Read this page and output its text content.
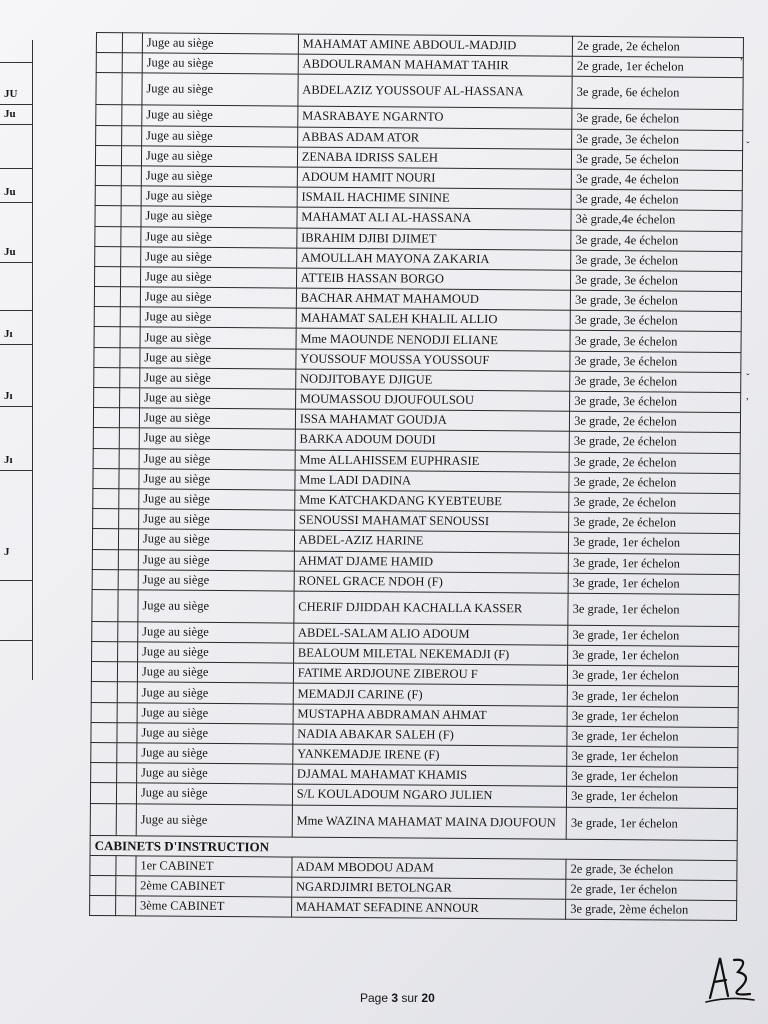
JU
Ju
Ju
Ju
Jı
Jı
Jı
J
		Juge au siège	MAHAMAT AMINE ABDOUL-MADJID	2e grade, 2e échelon
		Juge au siège	ABDOULRAMAN MAHAMAT TAHIR	2e grade, 1er échelon
		Juge au siège	ABDELAZIZ YOUSSOUF AL-HASSANA	3e grade, 6e échelon
		Juge au siège	MASRABAYE NGARNTO	3e grade, 6e échelon
		Juge au siège	ABBAS ADAM ATOR	3e grade, 3e échelon
		Juge au siège	ZENABA IDRISS SALEH	3e grade, 5e échelon
		Juge au siège	ADOUM HAMIT NOURI	3e grade, 4e échelon
		Juge au siège	ISMAIL HACHIME SININE	3e grade, 4e échelon
		Juge au siège	MAHAMAT ALI AL-HASSANA	3è grade,4e échelon
		Juge au siège	IBRAHIM DJIBI DJIMET	3e grade, 4e échelon
		Juge au siège	AMOULLAH MAYONA ZAKARIA	3e grade, 3e échelon
		Juge au siège	ATTEIB HASSAN BORGO	3e grade, 3e échelon
		Juge au siège	BACHAR AHMAT MAHAMOUD	3e grade, 3e échelon
		Juge au siège	MAHAMAT SALEH KHALIL ALLIO	3e grade, 3e échelon
		Juge au siège	Mme MAOUNDE NENODJI ELIANE	3e grade, 3e échelon
		Juge au siège	YOUSSOUF MOUSSA YOUSSOUF	3e grade, 3e échelon
		Juge au siège	NODJITOBAYE DJIGUE	3e grade, 3e échelon
		Juge au siège	MOUMASSOU DJOUFOULSOU	3e grade, 3e échelon
		Juge au siège	ISSA MAHAMAT GOUDJA	3e grade, 2e échelon
		Juge au siège	BARKA ADOUM DOUDI	3e grade, 2e échelon
		Juge au siège	Mme ALLAHISSEM EUPHRASIE	3e grade, 2e échelon
		Juge au siège	Mme LADI DADINA	3e grade, 2e échelon
		Juge au siège	Mme KATCHAKDANG KYEBTEUBE	3e grade, 2e échelon
		Juge au siège	SENOUSSI MAHAMAT SENOUSSI	3e grade, 2e échelon
		Juge au siège	ABDEL-AZIZ HARINE	3e grade, 1er échelon
		Juge au siège	AHMAT DJAME HAMID	3e grade, 1er échelon
		Juge au siège	RONEL GRACE NDOH (F)	3e grade, 1er échelon
		Juge au siège	CHERIF DJIDDAH KACHALLA KASSER	3e grade, 1er échelon
		Juge au siège	ABDEL-SALAM ALIO ADOUM	3e grade, 1er échelon
		Juge au siège	BEALOUM MILETAL NEKEMADJI (F)	3e grade, 1er échelon
		Juge au siège	FATIME ARDJOUNE ZIBEROU F	3e grade, 1er échelon
		Juge au siège	MEMADJI CARINE (F)	3e grade, 1er échelon
		Juge au siège	MUSTAPHA ABDRAMAN AHMAT	3e grade, 1er échelon
		Juge au siège	NADIA ABAKAR SALEH (F)	3e grade, 1er échelon
		Juge au siège	YANKEMADJE IRENE (F)	3e grade, 1er échelon
		Juge au siège	DJAMAL MAHAMAT KHAMIS	3e grade, 1er échelon
		Juge au siège	S/L KOULADOUM NGARO JULIEN	3e grade, 1er échelon
		Juge au siège	Mme WAZINA MAHAMAT MAINA DJOUFOUN	3e grade, 1er échelon
CABINETS D'INSTRUCTION				
		1er CABINET	ADAM MBODOU ADAM	2e grade, 3e échelon
		2ème CABINET	NGARDJIMRI BETOLNGAR	2e grade, 1er échelon
		3ème CABINET	MAHAMAT SEFADINE ANNOUR	3e grade, 2ème échelon
,
ˇ
ˇ
,
Page 3 sur 20
